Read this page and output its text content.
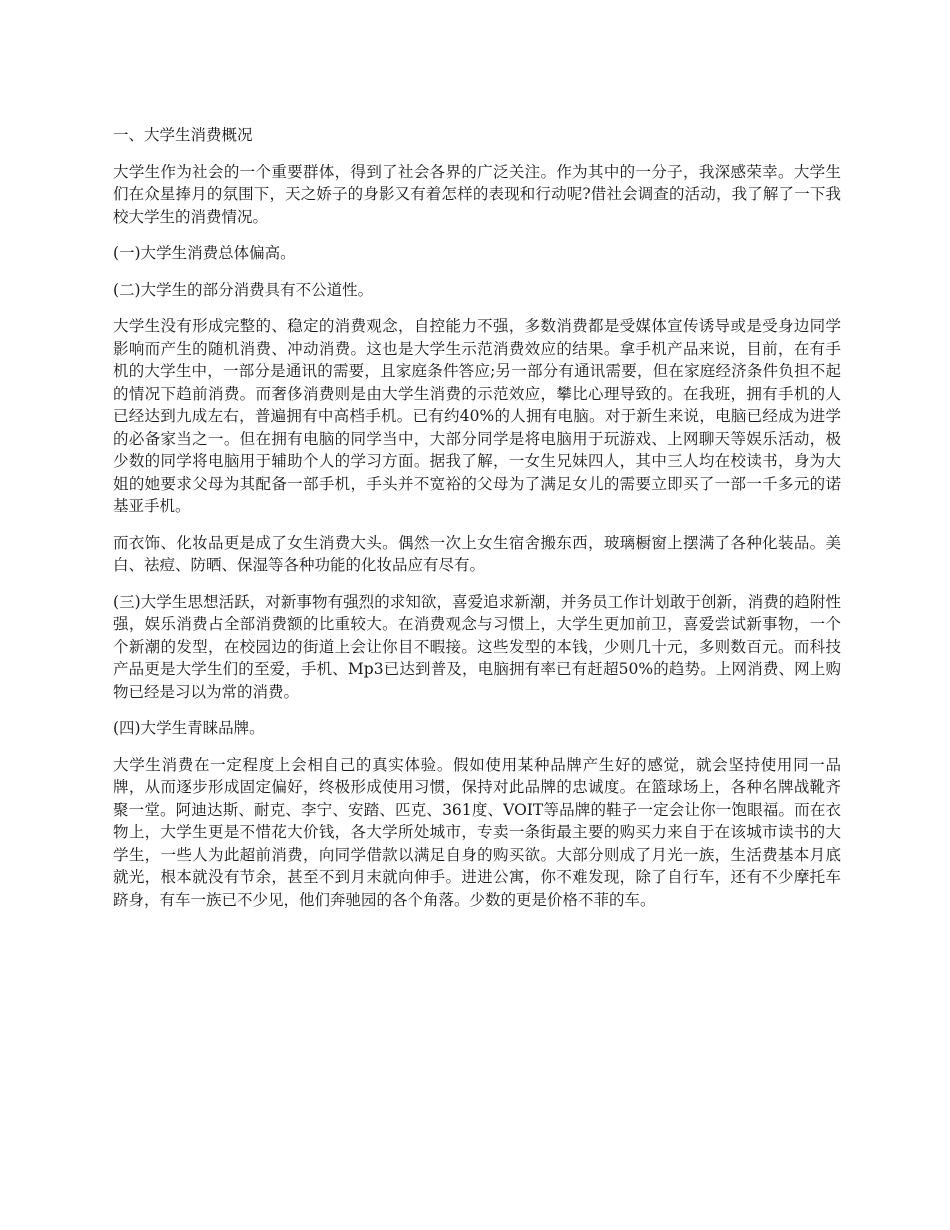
一、大学生消费概况

大学生作为社会的一个重要群体，得到了社会各界的广泛关注。作为其中的一分子，我深感荣幸。大学生们在众星捧月的氛围下，天之娇子的身影又有着怎样的表现和行动呢?借社会调查的活动，我了解了一下我校大学生的消费情况。

(一)大学生消费总体偏高。

(二)大学生的部分消费具有不公道性。

大学生没有形成完整的、稳定的消费观念，自控能力不强，多数消费都是受媒体宣传诱导或是受身边同学影响而产生的随机消费、冲动消费。这也是大学生示范消费效应的结果。拿手机产品来说，目前，在有手机的大学生中，一部分是通讯的需要，且家庭条件答应;另一部分有通讯需要，但在家庭经济条件负担不起的情况下趋前消费。而奢侈消费则是由大学生消费的示范效应，攀比心理导致的。在我班，拥有手机的人已经达到九成左右，普遍拥有中高档手机。已有约40%的人拥有电脑。对于新生来说，电脑已经成为进学的必备家当之一。但在拥有电脑的同学当中，大部分同学是将电脑用于玩游戏、上网聊天等娱乐活动，极少数的同学将电脑用于辅助个人的学习方面。据我了解，一女生兄妹四人，其中三人均在校读书，身为大姐的她要求父母为其配备一部手机，手头并不宽裕的父母为了满足女儿的需要立即买了一部一千多元的诺基亚手机。

而衣饰、化妆品更是成了女生消费大头。偶然一次上女生宿舍搬东西，玻璃橱窗上摆满了各种化装品。美白、祛痘、防晒、保湿等各种功能的化妆品应有尽有。

(三)大学生思想活跃，对新事物有强烈的求知欲，喜爱追求新潮，并务员工作计划敢于创新，消费的趋附性强，娱乐消费占全部消费额的比重较大。在消费观念与习惯上，大学生更加前卫，喜爱尝试新事物，一个个新潮的发型，在校园边的街道上会让你目不暇接。这些发型的本钱，少则几十元，多则数百元。而科技产品更是大学生们的至爱，手机、Mp3已达到普及，电脑拥有率已有赶超50%的趋势。上网消费、网上购物已经是习以为常的消费。

(四)大学生青睐品牌。

大学生消费在一定程度上会相自己的真实体验。假如使用某种品牌产生好的感觉，就会坚持使用同一品牌，从而逐步形成固定偏好，终极形成使用习惯，保持对此品牌的忠诚度。在篮球场上，各种名牌战靴齐聚一堂。阿迪达斯、耐克、李宁、安踏、匹克、361度、VOIT等品牌的鞋子一定会让你一饱眼福。而在衣物上，大学生更是不惜花大价钱，各大学所处城市，专卖一条街最主要的购买力来自于在该城市读书的大学生，一些人为此超前消费，向同学借款以满足自身的购买欲。大部分则成了月光一族，生活费基本月底就光，根本就没有节余，甚至不到月末就向伸手。进进公寓，你不难发现，除了自行车，还有不少摩托车跻身，有车一族已不少见，他们奔驰园的各个角落。少数的更是价格不菲的车。
